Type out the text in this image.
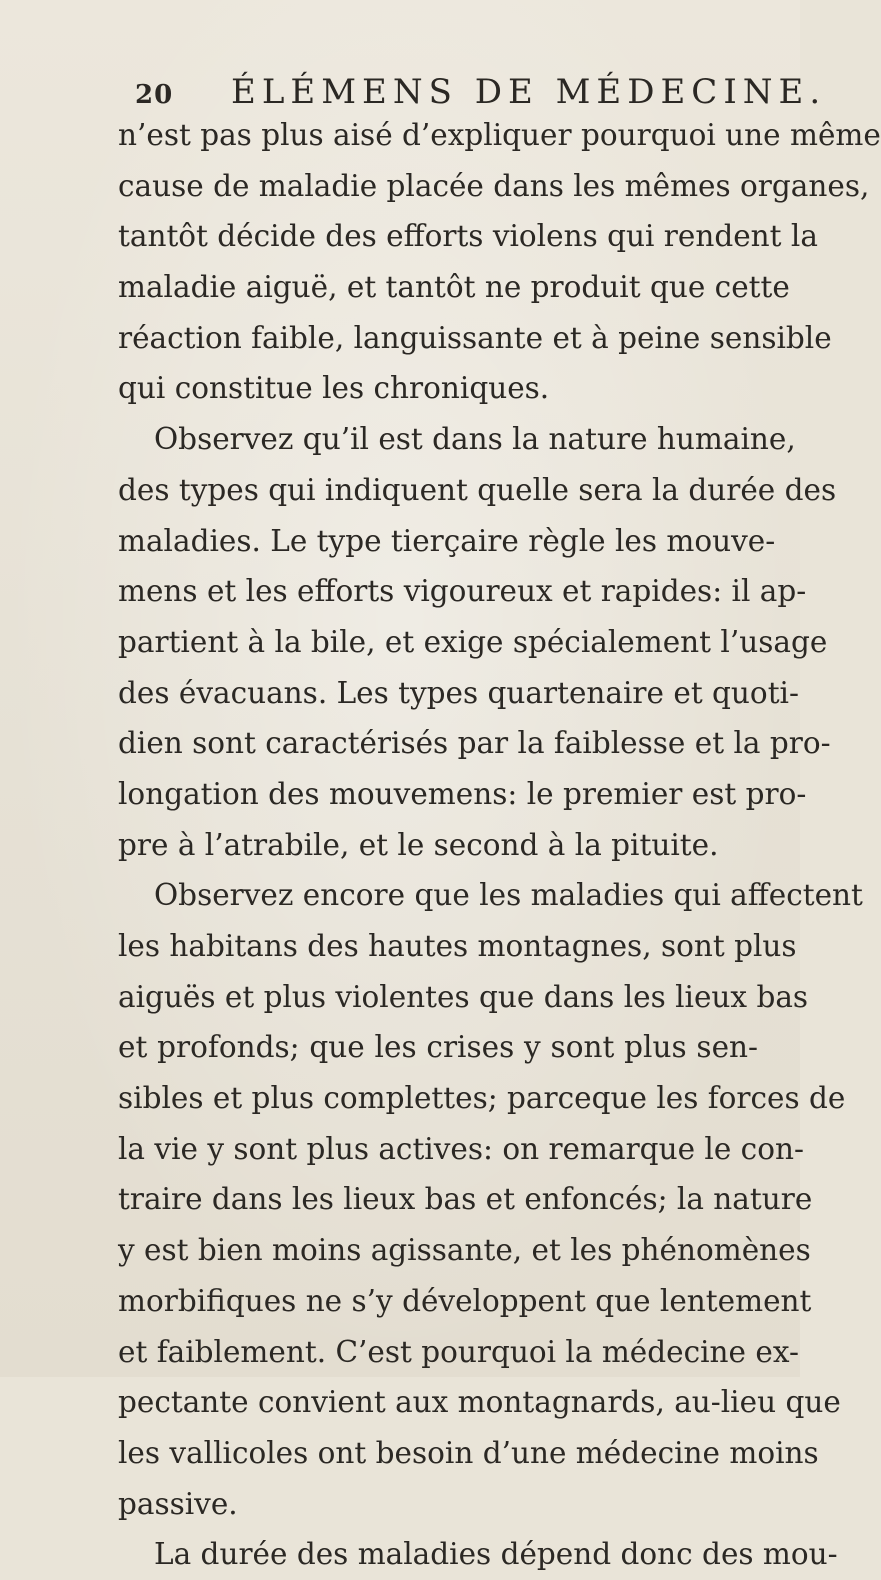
20 ÉLÉMENS DE MÉDECINE.
n’est pas plus aisé d’expliquer pourquoi une même
cause de maladie placée dans les mêmes organes,
tantôt décide des efforts violens qui rendent la
maladie aiguë, et tantôt ne produit que cette
réaction faible, languissante et à peine sensible
qui constitue les chroniques.
Observez qu’il est dans la nature humaine,
des types qui indiquent quelle sera la durée des
maladies. Le type tierçaire règle les mouve-
mens et les efforts vigoureux et rapides: il ap-
partient à la bile, et exige spécialement l’usage
des évacuans. Les types quartenaire et quoti-
dien sont caractérisés par la faiblesse et la pro-
longation des mouvemens: le premier est pro-
pre à l’atrabile, et le second à la pituite.
Observez encore que les maladies qui affectent
les habitans des hautes montagnes, sont plus
aiguës et plus violentes que dans les lieux bas
et profonds; que les crises y sont plus sen-
sibles et plus complettes; parceque les forces de
la vie y sont plus actives: on remarque le con-
traire dans les lieux bas et enfoncés; la nature
y est bien moins agissante, et les phénomènes
morbifiques ne s’y développent que lentement
et faiblement. C’est pourquoi la médecine ex-
pectante convient aux montagnards, au-lieu que
les vallicoles ont besoin d’une médecine moins
passive.
La durée des maladies dépend donc des mou-
